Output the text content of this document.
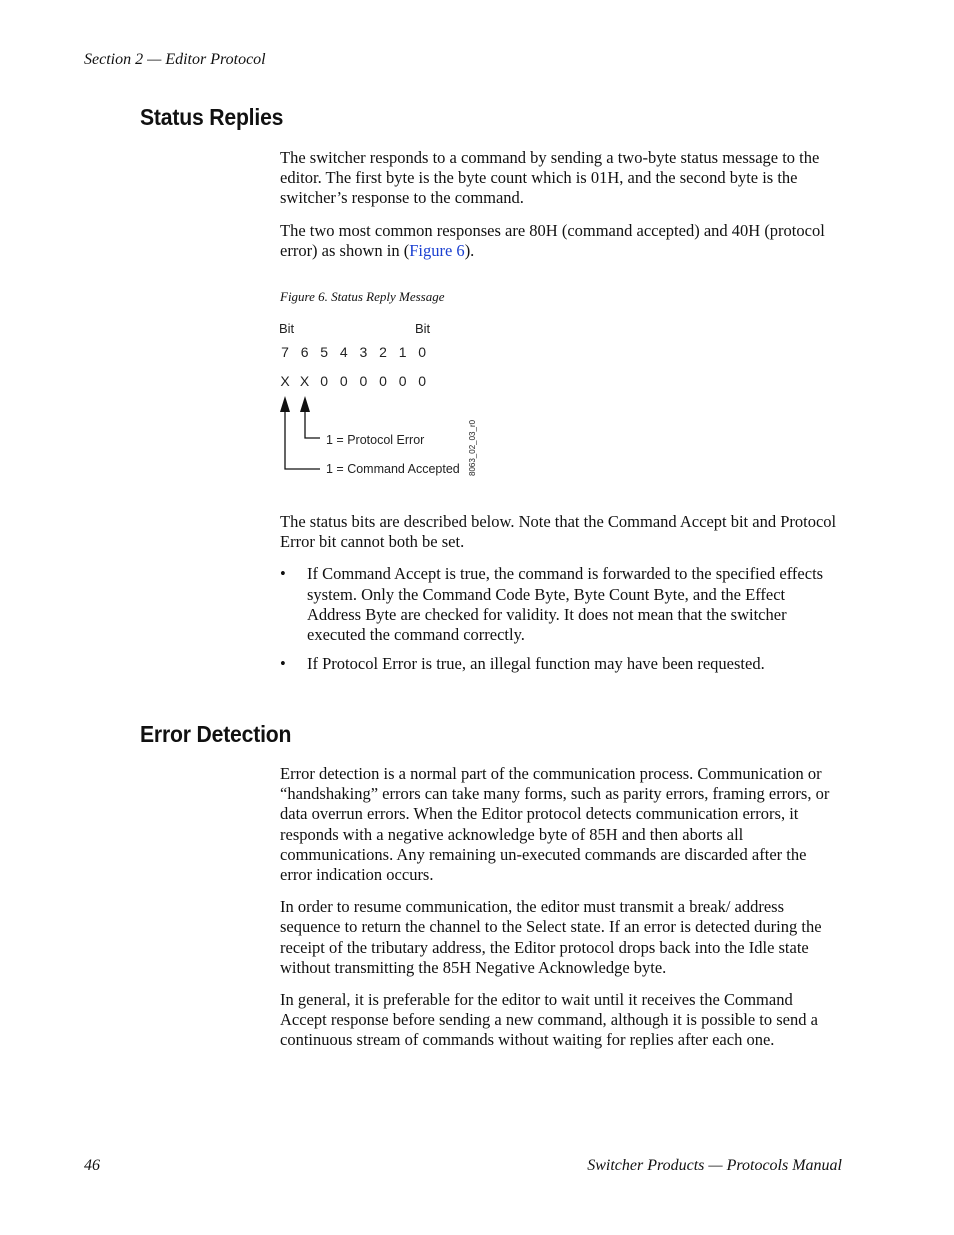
Section 2 — Editor Protocol
Status Replies

The switcher responds to a command by sending a two-byte status message to the editor. The first byte is the byte count which is 01H, and the second byte is the switcher’s response to the command.

The two most common responses are 80H (command accepted) and 40H (protocol error) as shown in (Figure 6).

Figure 6. Status Reply Message
Bit	Bit
7 6 5 4 3 2 1 0
X X 0 0 0 0 0 0
1 = Protocol Error
1 = Command Accepted 8063_02_03_r0

The status bits are described below. Note that the Command Accept bit and Protocol Error bit cannot both be set.

• If Command Accept is true, the command is forwarded to the specified effects system. Only the Command Code Byte, Byte Count Byte, and the Effect Address Byte are checked for validity. It does not mean that the switcher executed the command correctly.
• If Protocol Error is true, an illegal function may have been requested.
Error Detection

Error detection is a normal part of the communication process. Communication or “handshaking” errors can take many forms, such as parity errors, framing errors, or data overrun errors. When the Editor protocol detects communication errors, it responds with a negative acknowledge byte of 85H and then aborts all communications. Any remaining un-executed commands are discarded after the error indication occurs.

In order to resume communication, the editor must transmit a break/ address sequence to return the channel to the Select state. If an error is detected during the receipt of the tributary address, the Editor protocol drops back into the Idle state without transmitting the 85H Negative Acknowledge byte.

In general, it is preferable for the editor to wait until it receives the Command Accept response before sending a new command, although it is possible to send a continuous stream of commands without waiting for replies after each one.

46	Switcher Products — Protocols Manual
